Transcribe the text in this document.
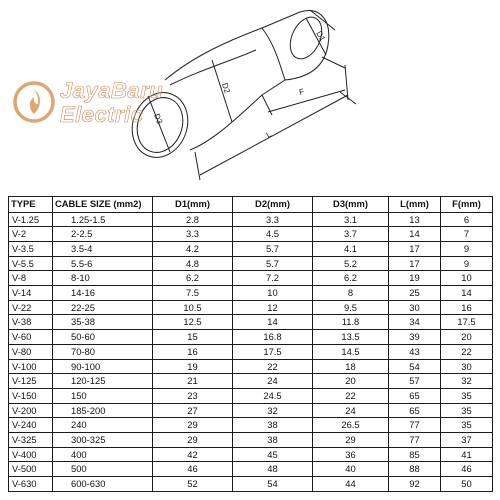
D1
D2
D3
F
L
JayaBaru
Electric
TYPE	CABLE SIZE (mm2)	D1(mm)	D2(mm)	D3(mm)	L(mm)	F(mm)
V-1.25	1.25-1.5	2.8	3.3	3.1	13	6
V-2	2-2.5	3.3	4.5	3.7	14	7
V-3.5	3.5-4	4.2	5.7	4.1	17	9
V-5.5	5.5-6	4.8	5.7	5.2	17	9
V-8	8-10	6.2	7.2	6.2	19	10
V-14	14-16	7.5	10	8	25	14
V-22	22-25	10.5	12	9.5	30	16
V-38	35-38	12.5	14	11.8	34	17.5
V-60	50-60	15	16.8	13.5	39	20
V-80	70-80	16	17.5	14.5	43	22
V-100	90-100	19	22	18	54	30
V-125	120-125	21	24	20	57	32
V-150	150	23	24.5	22	65	35
V-200	185-200	27	32	24	65	35
V-240	240	29	38	26.5	77	35
V-325	300-325	29	38	29	77	37
V-400	400	42	45	36	85	41
V-500	500	46	48	40	88	46
V-630	600-630	52	54	44	92	50
